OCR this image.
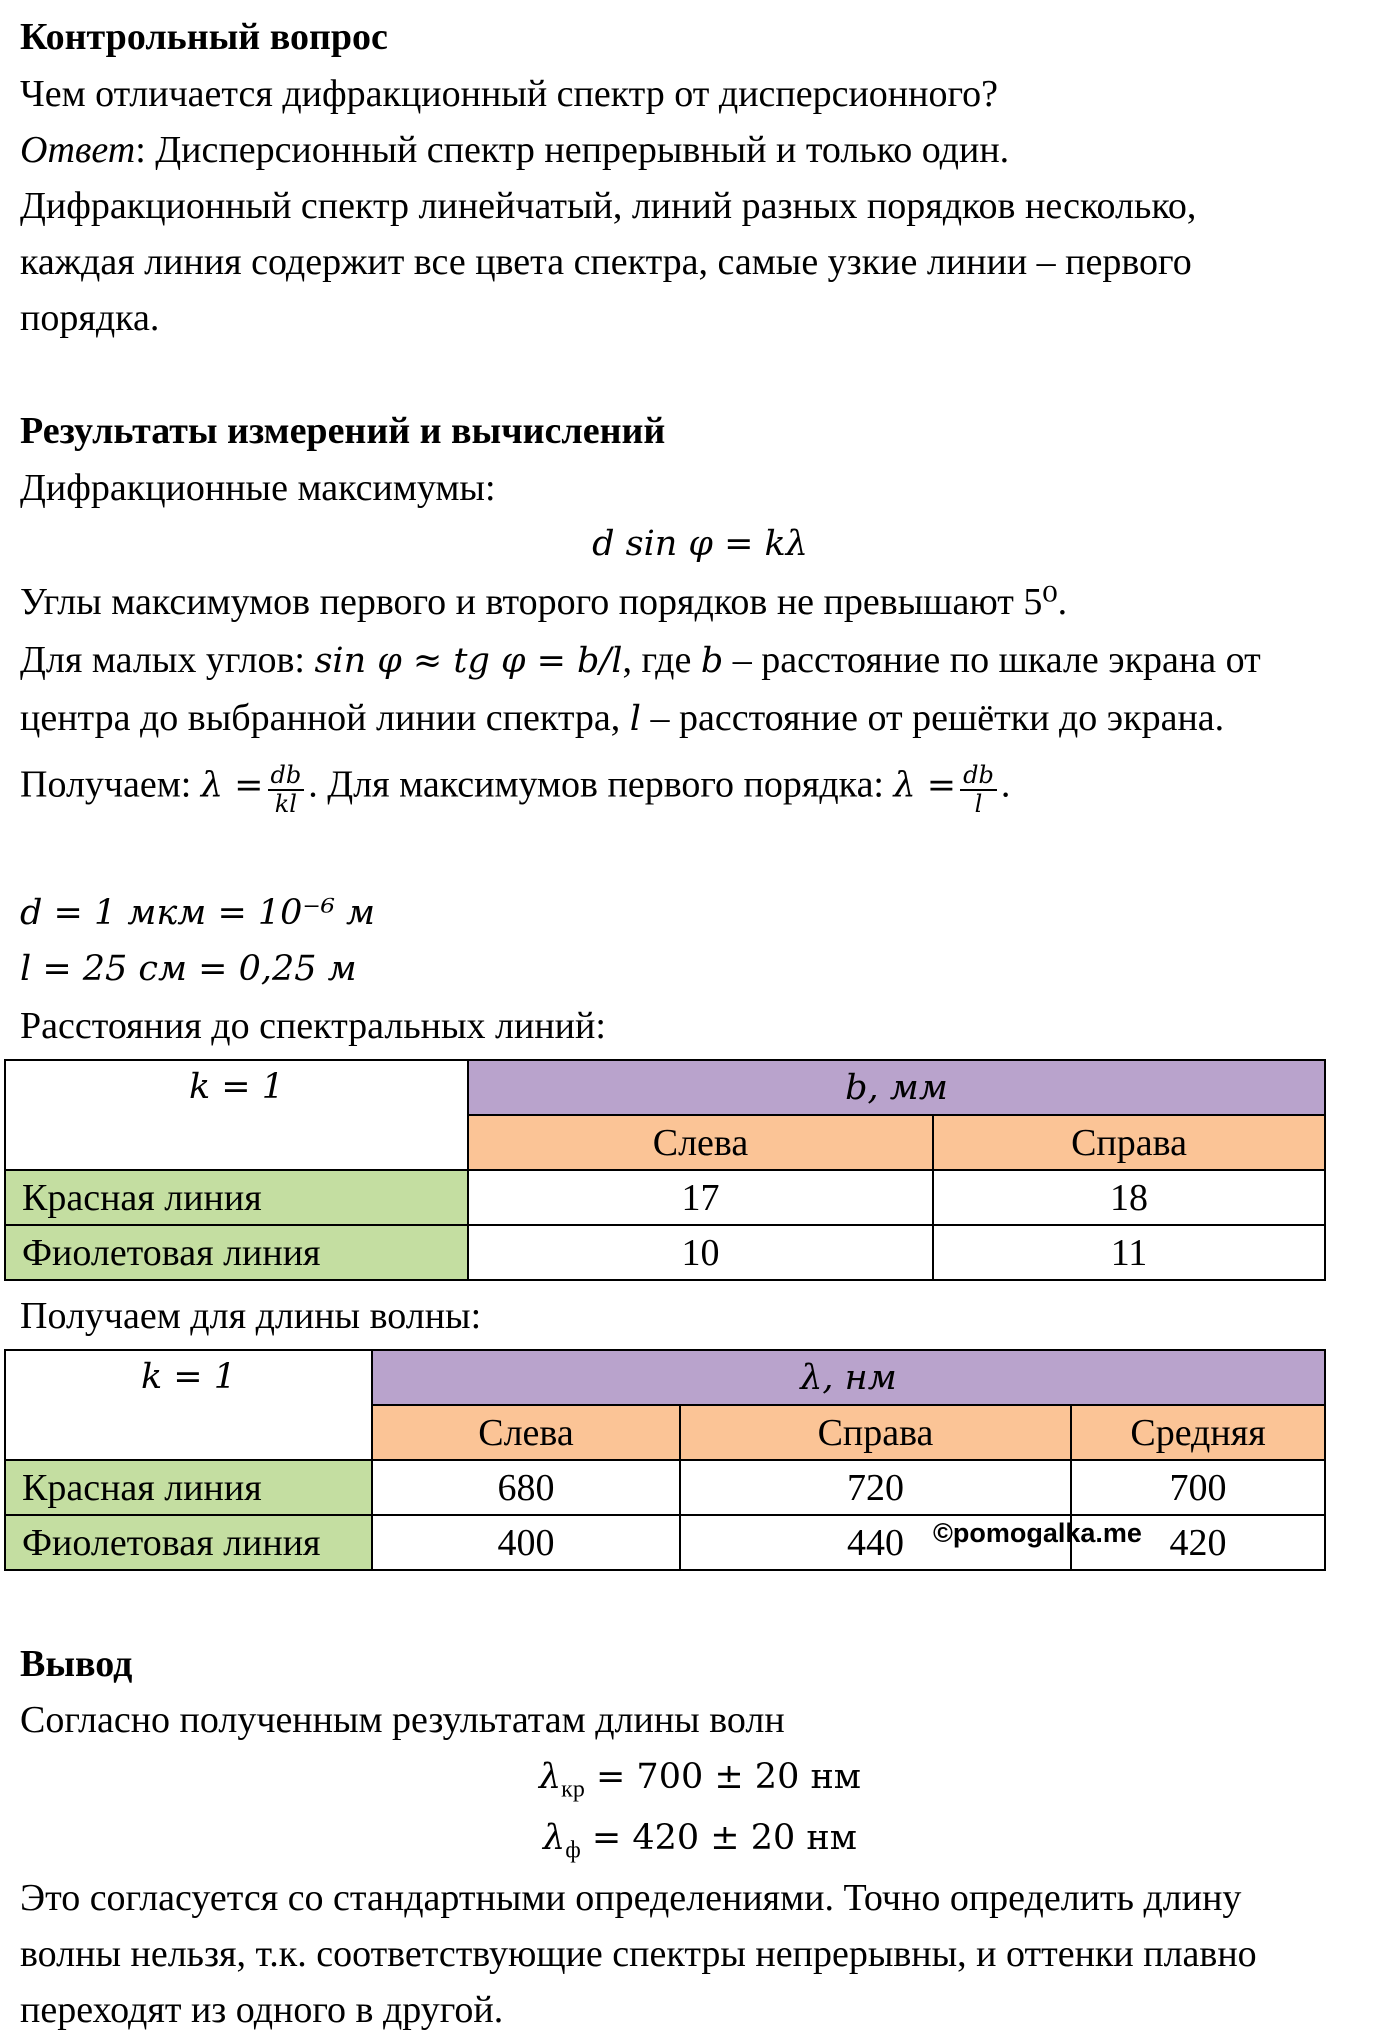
Контрольный вопрос
Чем отличается дифракционный спектр от дисперсионного?
Ответ: Дисперсионный спектр непрерывный и только один.
Дифракционный спектр линейчатый, линий разных порядков несколько,
каждая линия содержит все цвета спектра, самые узкие линии – первого
порядка.
Результаты измерений и вычислений
Дифракционные максимумы:
d sin φ = kλ
Углы максимумов первого и второго порядков не превышают 5⁰.
Для малых углов: sin φ ≈ tg φ = b/l, где b – расстояние по шкале экрана от
центра до выбранной линии спектра, l – расстояние от решётки до экрана.
Получаем: $\lambda = \frac{db}{kl}$ . Для максимумов первого порядка: $\lambda = \frac{db}{l}$ .
d = 1 мкм = 10⁻⁶ м
l = 25 см = 0,25 м
Расстояния до спектральных линий:
k = 1	b, мм	
	Слева	Справа
Красная линия	17	18
Фиолетовая линия	10	11
Получаем для длины волны:
k = 1	λ, нм		
	Слева	Справа	Средняя
Красная линия	680	720	700
Фиолетовая линия	400	440	420
©pomogalka.me
Вывод
Согласно полученным результатам длины волн
$\lambda_{кр} = 700 \pm 20$ нм
$\lambda_ф = 420 \pm 20$ нм
Это согласуется со стандартными определениями. Точно определить длину
волны нельзя, т.к. соответствующие спектры непрерывны, и оттенки плавно
переходят из одного в другой.
